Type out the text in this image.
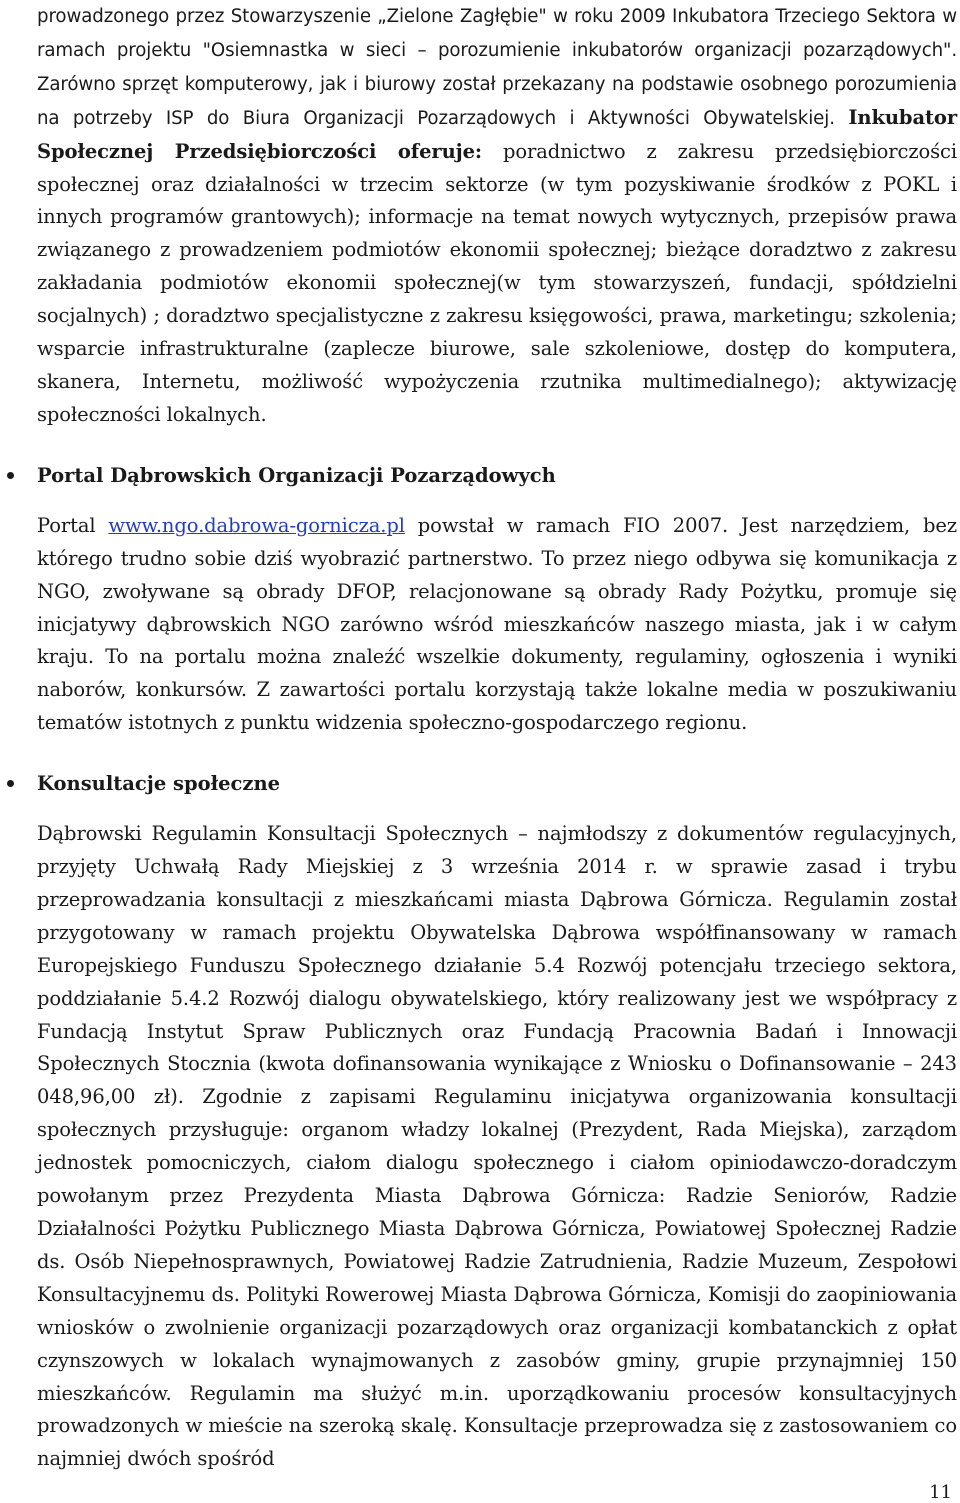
prowadzonego przez Stowarzyszenie „Zielone Zagłębie" w roku 2009 Inkubatora Trzeciego Sektora w ramach projektu "Osiemnastka w sieci – porozumienie inkubatorów organizacji pozarządowych". Zarówno sprzęt komputerowy, jak i biurowy został przekazany na podstawie osobnego porozumienia na potrzeby ISP do Biura Organizacji Pozarządowych i Aktywności Obywatelskiej. Inkubator Społecznej Przedsiębiorczości oferuje: poradnictwo z zakresu przedsiębiorczości społecznej oraz działalności w trzecim sektorze (w tym pozyskiwanie środków z POKL i innych programów grantowych); informacje na temat nowych wytycznych, przepisów prawa związanego z prowadzeniem podmiotów ekonomii społecznej; bieżące doradztwo z zakresu zakładania podmiotów ekonomii społecznej(w tym stowarzyszeń, fundacji, spółdzielni socjalnych) ; doradztwo specjalistyczne z zakresu księgowości, prawa, marketingu; szkolenia; wsparcie infrastrukturalne (zaplecze biurowe, sale szkoleniowe, dostęp do komputera, skanera, Internetu, możliwość wypożyczenia rzutnika multimedialnego); aktywizację społeczności lokalnych.

Portal Dąbrowskich Organizacji Pozarządowych

Portal www.ngo.dabrowa-gornicza.pl powstał w ramach FIO 2007. Jest narzędziem, bez którego trudno sobie dziś wyobrazić partnerstwo. To przez niego odbywa się komunikacja z NGO, zwoływane są obrady DFOP, relacjonowane są obrady Rady Pożytku, promuje się inicjatywy dąbrowskich NGO zarówno wśród mieszkańców naszego miasta, jak i w całym kraju. To na portalu można znaleźć wszelkie dokumenty, regulaminy, ogłoszenia i wyniki naborów, konkursów. Z zawartości portalu korzystają także lokalne media w poszukiwaniu tematów istotnych z punktu widzenia społeczno-gospodarczego regionu.

Konsultacje społeczne

Dąbrowski Regulamin Konsultacji Społecznych – najmłodszy z dokumentów regulacyjnych, przyjęty Uchwałą Rady Miejskiej z 3 września 2014 r. w sprawie zasad i trybu przeprowadzania konsultacji z mieszkańcami miasta Dąbrowa Górnicza. Regulamin został przygotowany w ramach projektu Obywatelska Dąbrowa współfinansowany w ramach Europejskiego Funduszu Społecznego działanie 5.4 Rozwój potencjału trzeciego sektora, poddziałanie 5.4.2 Rozwój dialogu obywatelskiego, który realizowany jest we współpracy z Fundacją Instytut Spraw Publicznych oraz Fundacją Pracownia Badań i Innowacji Społecznych Stocznia (kwota dofinansowania wynikające z Wniosku o Dofinansowanie – 243 048,96,00 zł). Zgodnie z zapisami Regulaminu inicjatywa organizowania konsultacji społecznych przysługuje: organom władzy lokalnej (Prezydent, Rada Miejska), zarządom jednostek pomocniczych, ciałom dialogu społecznego i ciałom opiniodawczo-doradczym powołanym przez Prezydenta Miasta Dąbrowa Górnicza: Radzie Seniorów, Radzie Działalności Pożytku Publicznego Miasta Dąbrowa Górnicza, Powiatowej Społecznej Radzie ds. Osób Niepełnosprawnych, Powiatowej Radzie Zatrudnienia, Radzie Muzeum, Zespołowi Konsultacyjnemu ds. Polityki Rowerowej Miasta Dąbrowa Górnicza, Komisji do zaopiniowania wniosków o zwolnienie organizacji pozarządowych oraz organizacji kombatanckich z opłat czynszowych w lokalach wynajmowanych z zasobów gminy, grupie przynajmniej 150 mieszkańców. Regulamin ma służyć m.in. uporządkowaniu procesów konsultacyjnych prowadzonych w mieście na szeroką skalę. Konsultacje przeprowadza się z zastosowaniem co najmniej dwóch spośród

11
